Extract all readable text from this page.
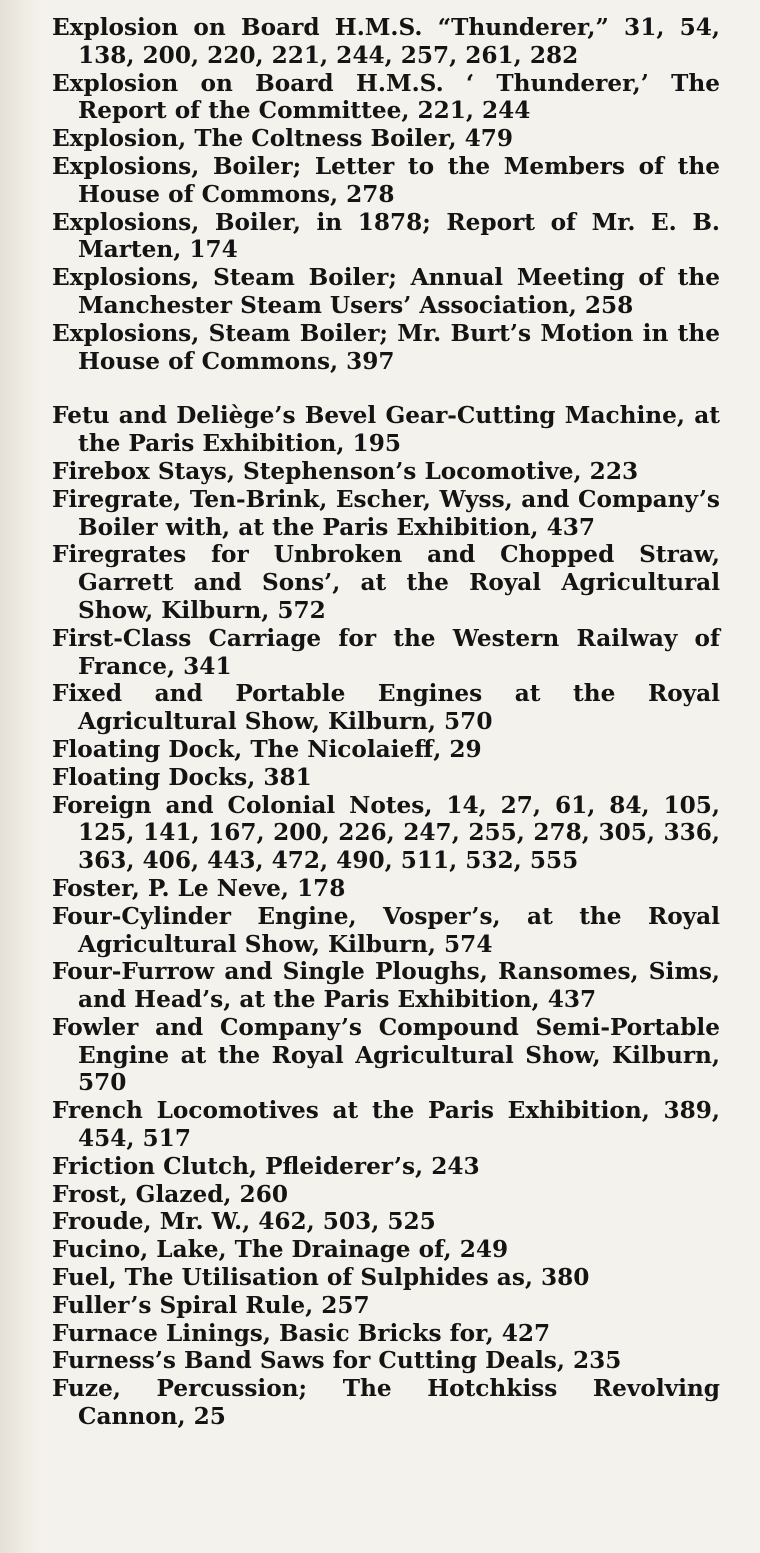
Explosion on Board H.M.S. “Thunderer,” 31, 54, 138, 200, 220, 221, 244, 257, 261, 282

Explosion on Board H.M.S. ‘ Thunderer,’ The Report of the Committee, 221, 244

Explosion, The Coltness Boiler, 479

Explosions, Boiler; Letter to the Members of the House of Commons, 278

Explosions, Boiler, in 1878; Report of Mr. E. B. Marten, 174

Explosions, Steam Boiler; Annual Meeting of the Manchester Steam Users’ Association, 258

Explosions, Steam Boiler; Mr. Burt’s Motion in the House of Commons, 397

Fetu and Deliège’s Bevel Gear-Cutting Machine, at the Paris Exhibition, 195

Firebox Stays, Stephenson’s Locomotive, 223

Firegrate, Ten-Brink, Escher, Wyss, and Company’s Boiler with, at the Paris Exhibition, 437

Firegrates for Unbroken and Chopped Straw, Garrett and Sons’, at the Royal Agricultural Show, Kilburn, 572

First-Class Carriage for the Western Railway of France, 341

Fixed and Portable Engines at the Royal Agricultural Show, Kilburn, 570

Floating Dock, The Nicolaieff, 29

Floating Docks, 381

Foreign and Colonial Notes, 14, 27, 61, 84, 105, 125, 141, 167, 200, 226, 247, 255, 278, 305, 336, 363, 406, 443, 472, 490, 511, 532, 555

Foster, P. Le Neve, 178

Four-Cylinder Engine, Vosper’s, at the Royal Agricultural Show, Kilburn, 574

Four-Furrow and Single Ploughs, Ransomes, Sims, and Head’s, at the Paris Exhibition, 437

Fowler and Company’s Compound Semi-Portable Engine at the Royal Agricultural Show, Kilburn, 570

French Locomotives at the Paris Exhibition, 389, 454, 517

Friction Clutch, Pfleiderer’s, 243

Frost, Glazed, 260

Froude, Mr. W., 462, 503, 525

Fucino, Lake, The Drainage of, 249

Fuel, The Utilisation of Sulphides as, 380

Fuller’s Spiral Rule, 257

Furnace Linings, Basic Bricks for, 427

Furness’s Band Saws for Cutting Deals, 235

Fuze, Percussion; The Hotchkiss Revolving Cannon, 25
